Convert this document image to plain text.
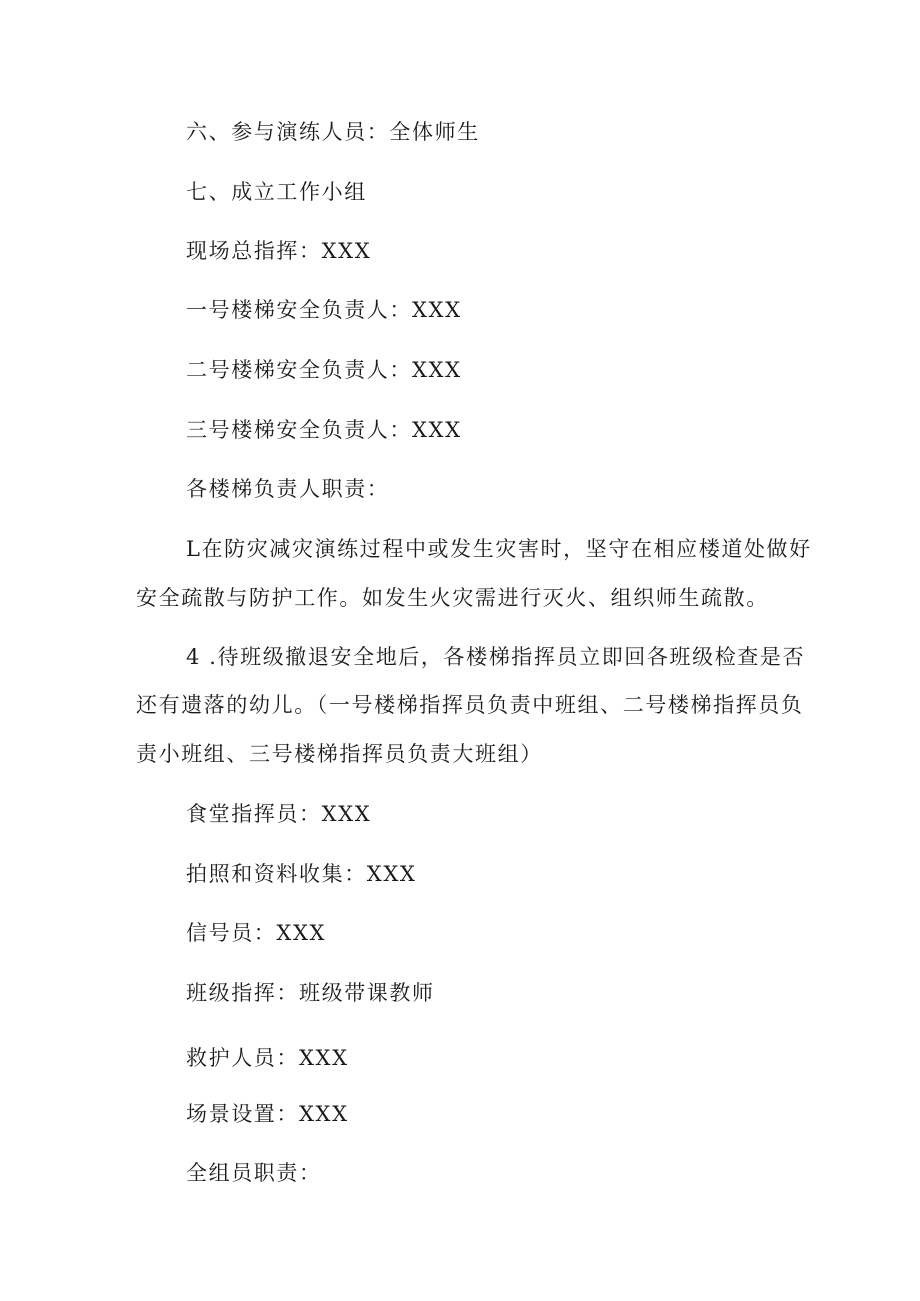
六、参与演练人员：全体师生
七、成立工作小组
现场总指挥：XXX
一号楼梯安全负责人：XXX
二号楼梯安全负责人：XXX
三号楼梯安全负责人：XXX
各楼梯负责人职责：
L在防灾减灾演练过程中或发生灾害时，坚守在相应楼道处做好
安全疏散与防护工作。如发生火灾需进行灭火、组织师生疏散。
4 .待班级撤退安全地后，各楼梯指挥员立即回各班级检查是否
还有遗落的幼儿。（一号楼梯指挥员负责中班组、二号楼梯指挥员负
责小班组、三号楼梯指挥员负责大班组）
食堂指挥员：XXX
拍照和资料收集：XXX
信号员：XXX
班级指挥：班级带课教师
救护人员：XXX
场景设置：XXX
全组员职责：
